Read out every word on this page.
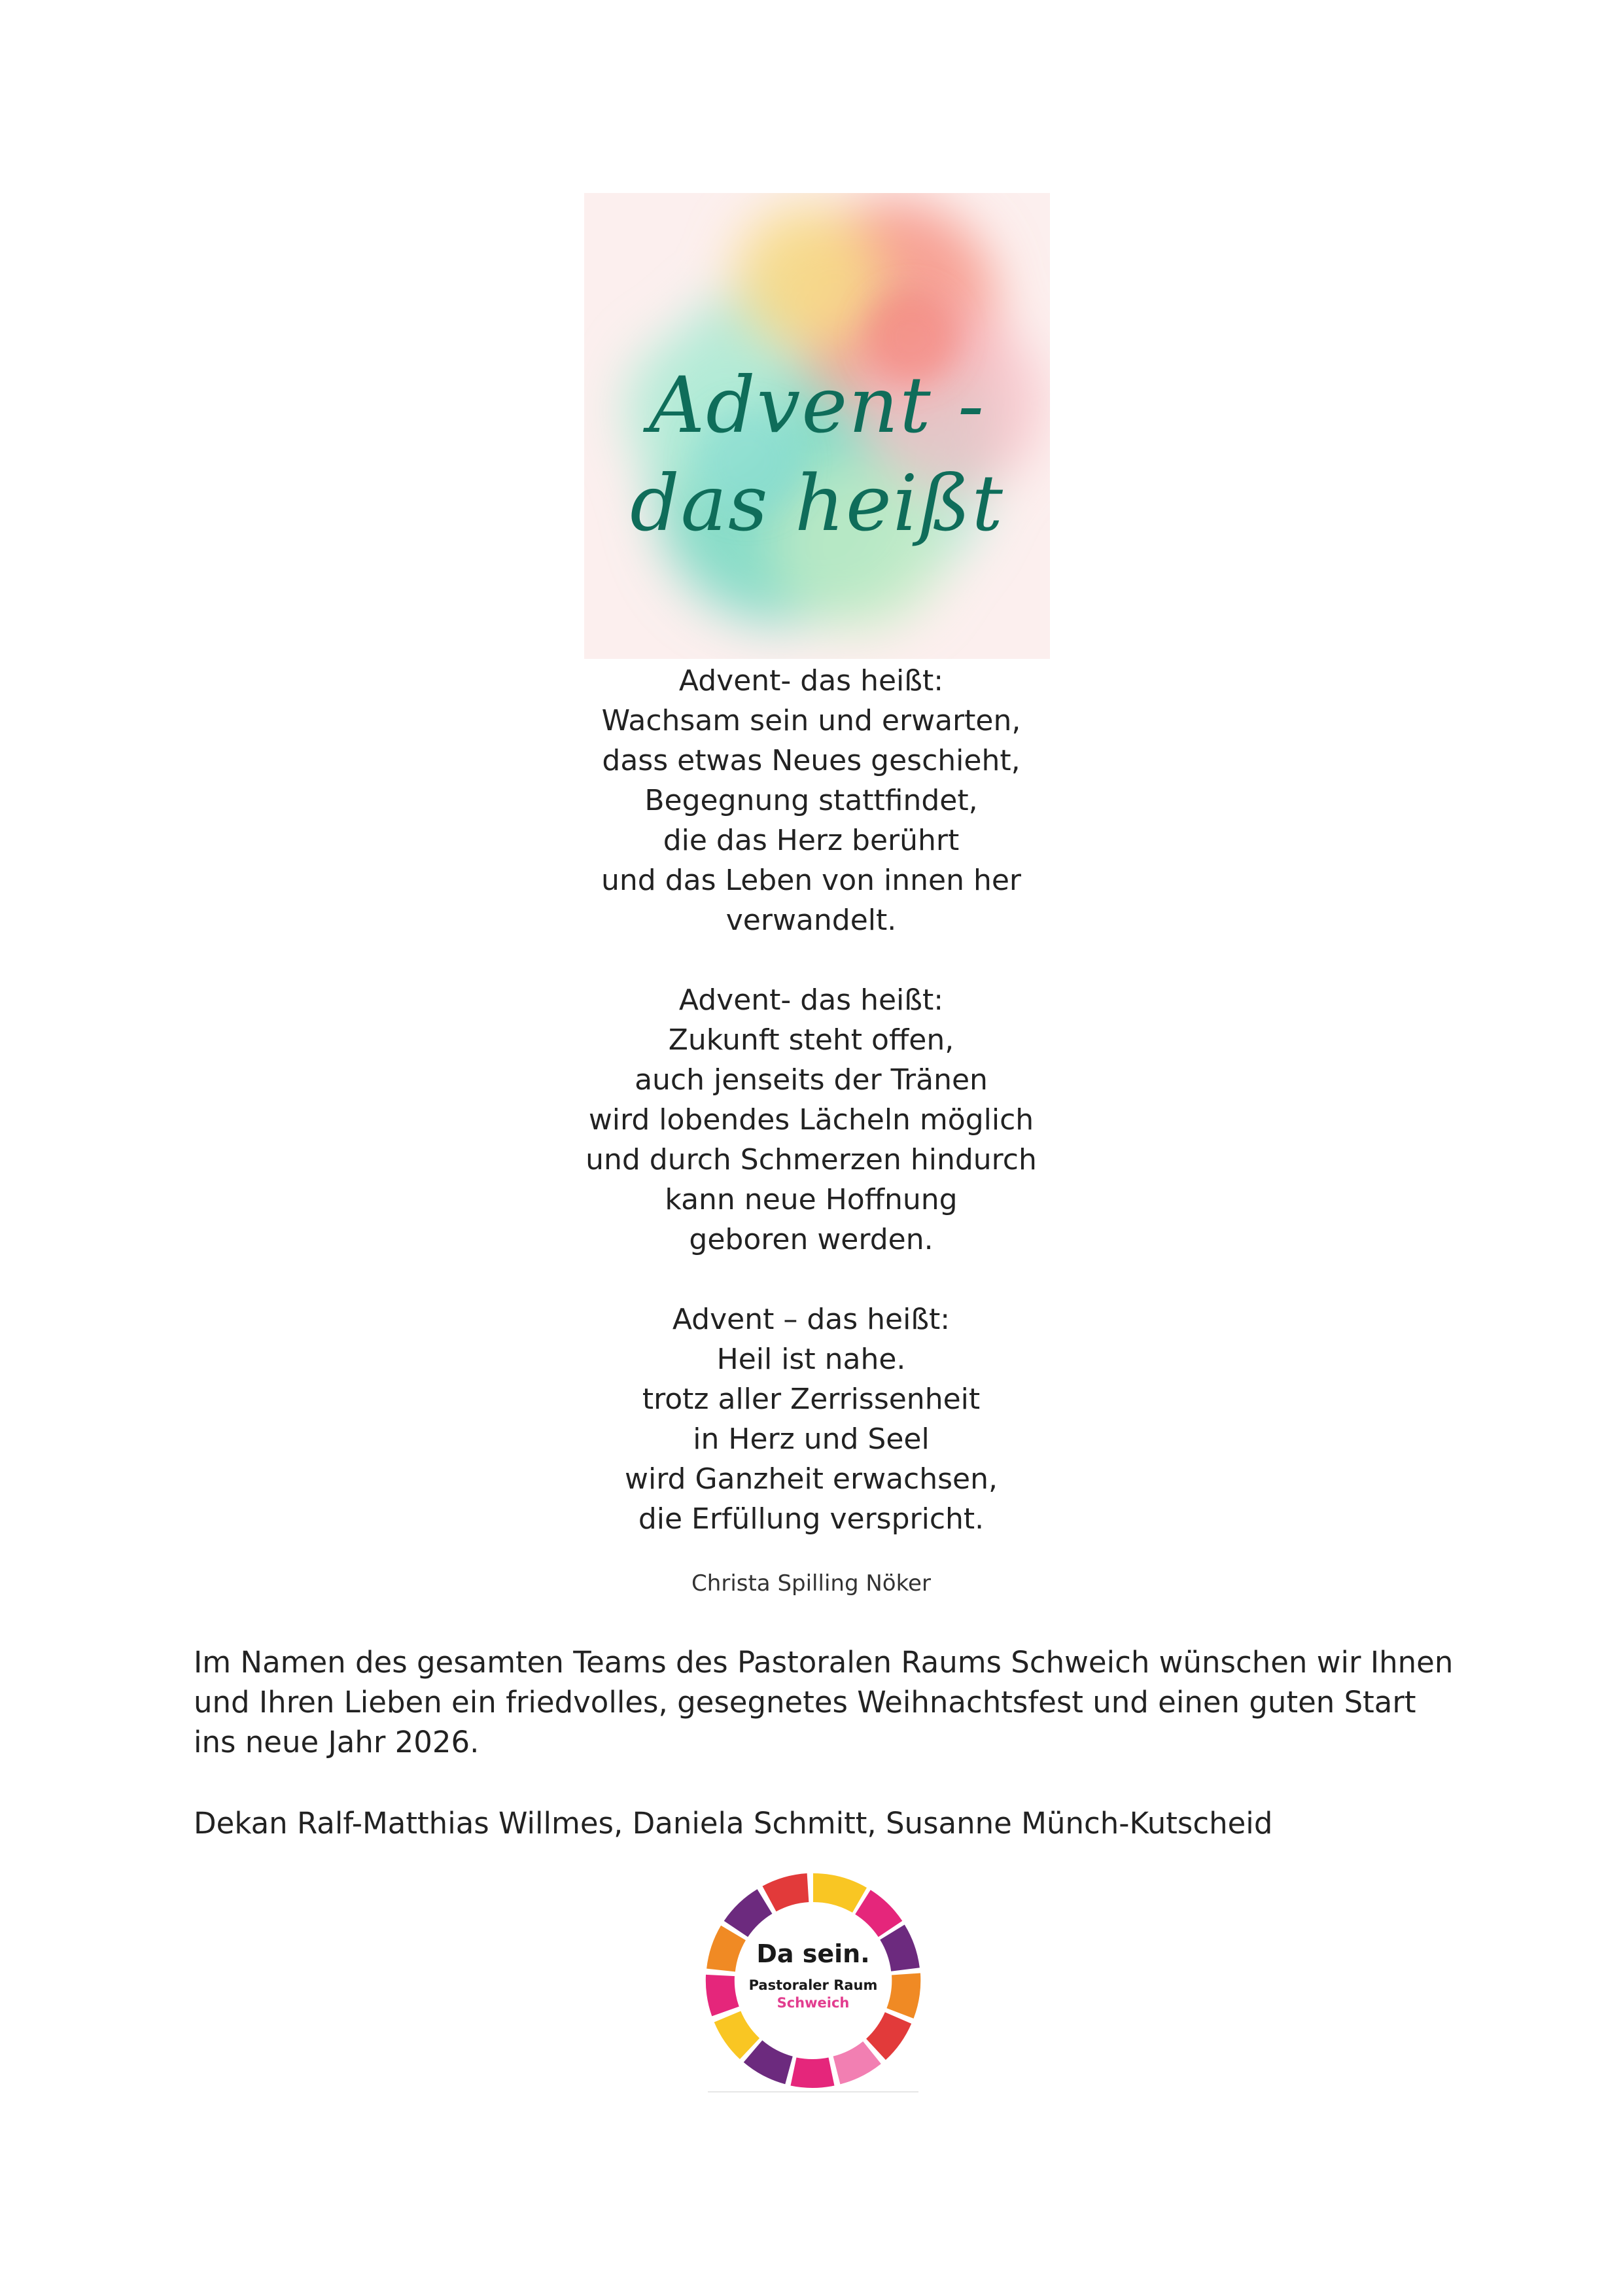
Advent -
das heißt
Advent- das heißt:
Wachsam sein und erwarten,
dass etwas Neues geschieht,
Begegnung stattfindet,
die das Herz berührt
und das Leben von innen her
verwandelt.
Advent- das heißt:
Zukunft steht offen,
auch jenseits der Tränen
wird lobendes Lächeln möglich
und durch Schmerzen hindurch
kann neue Hoffnung
geboren werden.
Advent – das heißt:
Heil ist nahe.
trotz aller Zerrissenheit
in Herz und Seel
wird Ganzheit erwachsen,
die Erfüllung verspricht.
Christa Spilling Nöker
Im Namen des gesamten Teams des Pastoralen Raums Schweich wünschen wir Ihnen und Ihren Lieben ein friedvolles, gesegnetes Weihnachtsfest und einen guten Start ins neue Jahr 2026.
Dekan Ralf-Matthias Willmes, Daniela Schmitt, Susanne Münch-Kutscheid
Da sein.
Pastoraler Raum
Schweich
